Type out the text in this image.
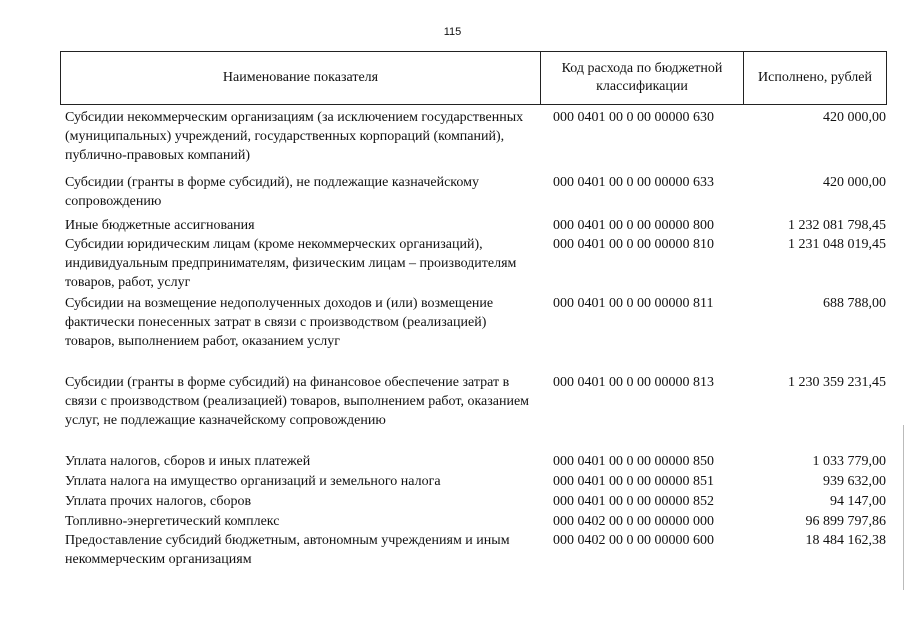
115
Наименование показателя
Код расхода по бюджетной классификации
Исполнено, рублей
Субсидии некоммерческим организациям (за исключением государственных (муниципальных) учреждений, государственных корпораций (компаний), публично-правовых компаний)
000 0401 00 0 00 00000 630	420 000,00
Субсидии (гранты в форме субсидий), не подлежащие казначейскому сопровождению
000 0401 00 0 00 00000 633	420 000,00
Иные бюджетные ассигнования	000 0401 00 0 00 00000 800	1 232 081 798,45
Субсидии юридическим лицам (кроме некоммерческих организаций), индивидуальным предпринимателям, физическим лицам – производителям товаров, работ, услуг
000 0401 00 0 00 00000 810	1 231 048 019,45
Субсидии на возмещение недополученных доходов и (или) возмещение фактически понесенных затрат в связи с производством (реализацией) товаров, выполнением работ, оказанием услуг
000 0401 00 0 00 00000 811	688 788,00
Субсидии (гранты в форме субсидий) на финансовое обеспечение затрат в связи с производством (реализацией) товаров, выполнением работ, оказанием услуг, не подлежащие казначейскому сопровождению
000 0401 00 0 00 00000 813	1 230 359 231,45
Уплата налогов, сборов и иных платежей	000 0401 00 0 00 00000 850	1 033 779,00
Уплата налога на имущество организаций и земельного налога	000 0401 00 0 00 00000 851	939 632,00
Уплата прочих налогов, сборов	000 0401 00 0 00 00000 852	94 147,00
Топливно-энергетический комплекс	000 0402 00 0 00 00000 000	96 899 797,86
Предоставление субсидий бюджетным, автономным учреждениям и иным некоммерческим организациям
000 0402 00 0 00 00000 600	18 484 162,38
